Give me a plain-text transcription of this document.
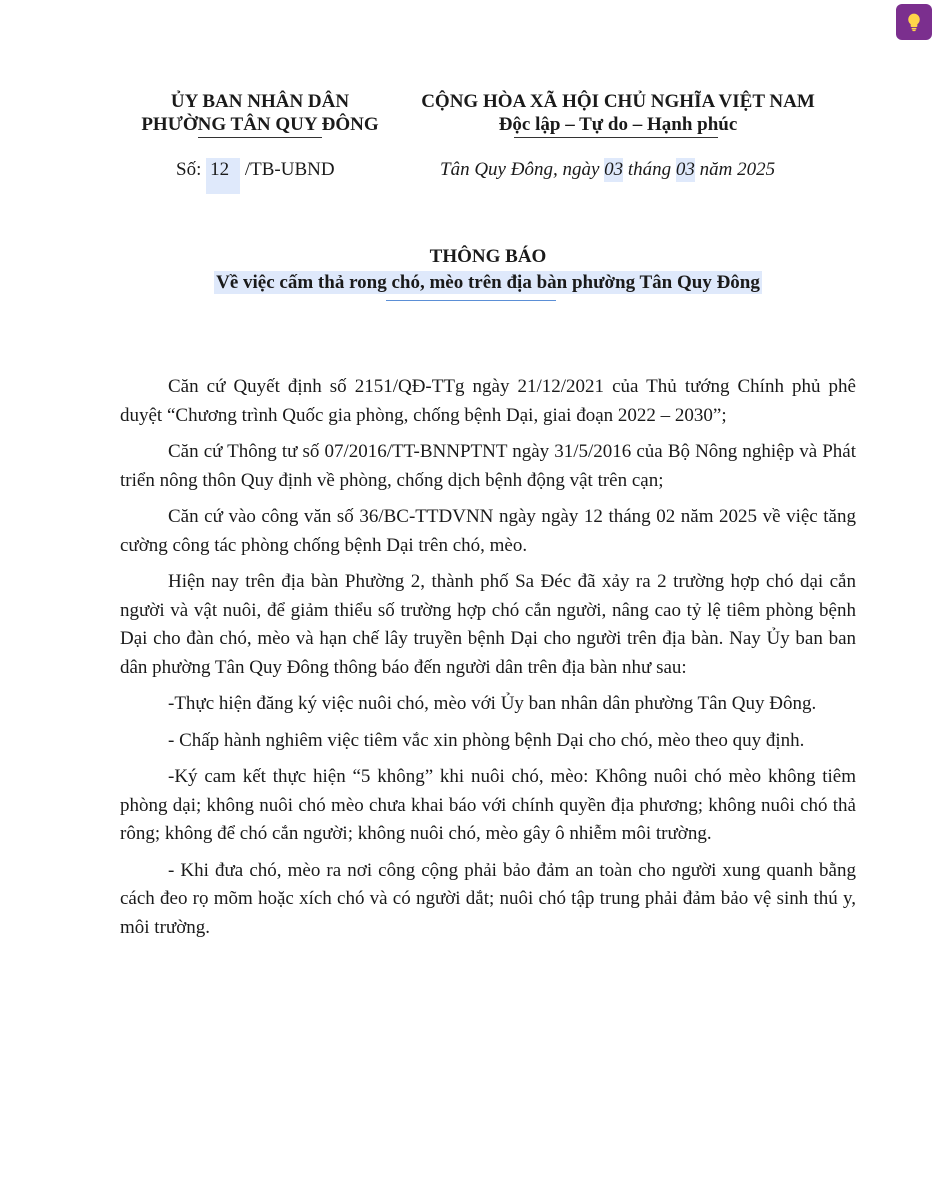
ỦY BAN NHÂN DÂN
PHƯỜNG TÂN QUY ĐÔNG
CỘNG HÒA XÃ HỘI CHỦ NGHĨA VIỆT NAM
Độc lập – Tự do – Hạnh phúc
Số: 12 /TB-UBND	Tân Quy Đông, ngày 03 tháng 03 năm 2025
THÔNG BÁO
Về việc cấm thả rong chó, mèo trên địa bàn phường Tân Quy Đông

Căn cứ Quyết định số 2151/QĐ-TTg ngày 21/12/2021 của Thủ tướng Chính phủ phê duyệt “Chương trình Quốc gia phòng, chống bệnh Dại, giai đoạn 2022 – 2030”;

Căn cứ Thông tư số 07/2016/TT-BNNPTNT ngày 31/5/2016 của Bộ Nông nghiệp và Phát triển nông thôn Quy định về phòng, chống dịch bệnh động vật trên cạn;

Căn cứ vào công văn số 36/BC-TTDVNN ngày ngày 12 tháng 02 năm 2025 về việc tăng cường công tác phòng chống bệnh Dại trên chó, mèo.

Hiện nay trên địa bàn Phường 2, thành phố Sa Đéc đã xảy ra 2 trường hợp chó dại cắn người và vật nuôi, để giảm thiểu số trường hợp chó cắn người, nâng cao tỷ lệ tiêm phòng bệnh Dại cho đàn chó, mèo và hạn chế lây truyền bệnh Dại cho người trên địa bàn. Nay Ủy ban ban dân phường Tân Quy Đông thông báo đến người dân trên địa bàn như sau:

-Thực hiện đăng ký việc nuôi chó, mèo với Ủy ban nhân dân phường Tân Quy Đông.

- Chấp hành nghiêm việc tiêm vắc xin phòng bệnh Dại cho chó, mèo theo quy định.

-Ký cam kết thực hiện “5 không” khi nuôi chó, mèo: Không nuôi chó mèo không tiêm phòng dại; không nuôi chó mèo chưa khai báo với chính quyền địa phương; không nuôi chó thả rông; không để chó cắn người; không nuôi chó, mèo gây ô nhiễm môi trường.

- Khi đưa chó, mèo ra nơi công cộng phải bảo đảm an toàn cho người xung quanh bằng cách đeo rọ mõm hoặc xích chó và có người dắt; nuôi chó tập trung phải đảm bảo vệ sinh thú y, môi trường.
